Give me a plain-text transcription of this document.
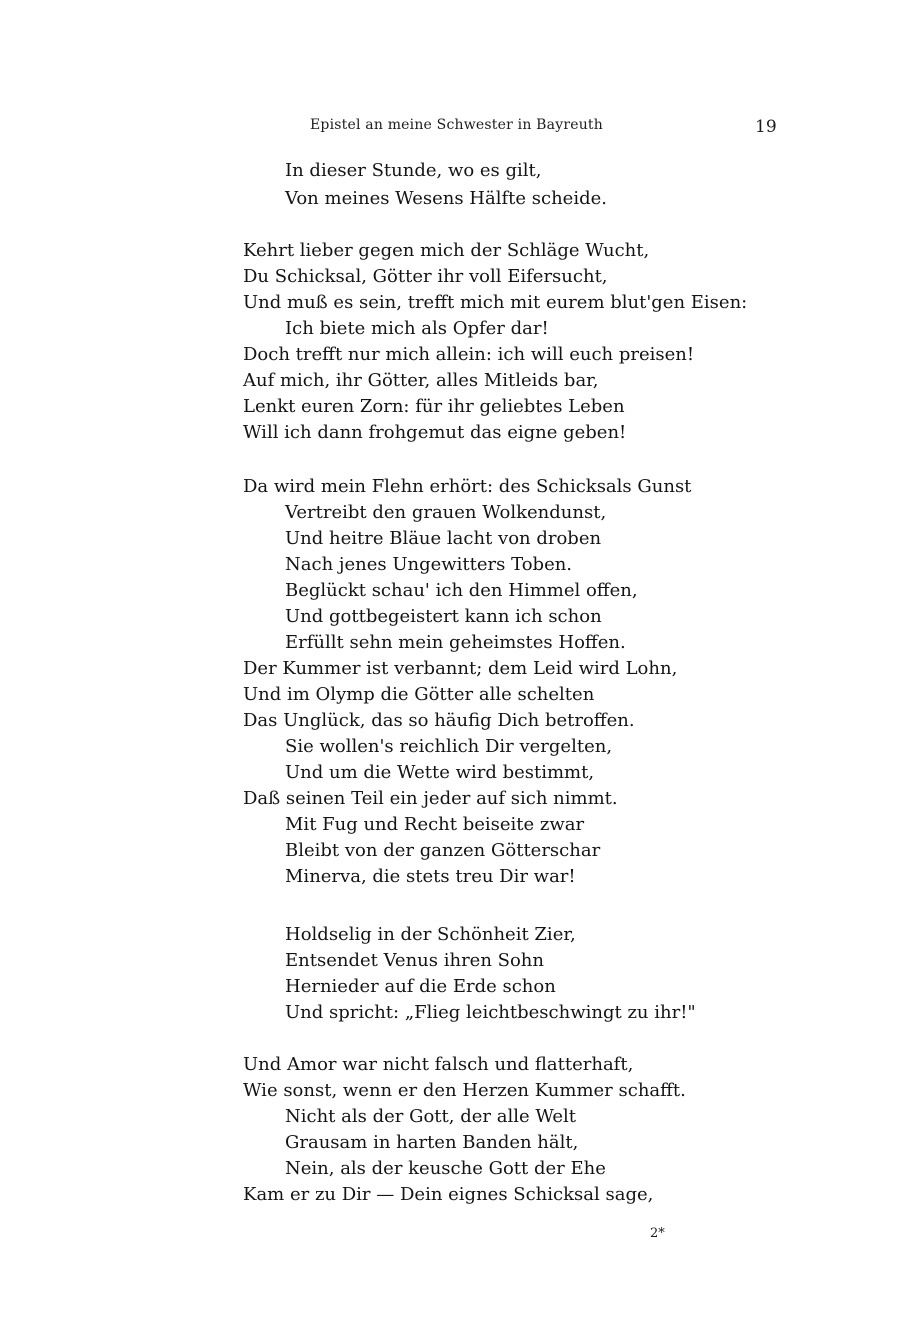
Epistel an meine Schwester in Bayreuth	19
In dieser Stunde, wo es gilt,
Von meines Wesens Hälfte scheide.
Kehrt lieber gegen mich der Schläge Wucht,
Du Schicksal, Götter ihr voll Eifersucht,
Und muß es sein, trefft mich mit eurem blut'gen Eisen:
Ich biete mich als Opfer dar!
Doch trefft nur mich allein: ich will euch preisen!
Auf mich, ihr Götter, alles Mitleids bar,
Lenkt euren Zorn: für ihr geliebtes Leben
Will ich dann frohgemut das eigne geben!
Da wird mein Flehn erhört: des Schicksals Gunst
Vertreibt den grauen Wolkendunst,
Und heitre Bläue lacht von droben
Nach jenes Ungewitters Toben.
Beglückt schau' ich den Himmel offen,
Und gottbegeistert kann ich schon
Erfüllt sehn mein geheimstes Hoffen.
Der Kummer ist verbannt; dem Leid wird Lohn,
Und im Olymp die Götter alle schelten
Das Unglück, das so häufig Dich betroffen.
Sie wollen's reichlich Dir vergelten,
Und um die Wette wird bestimmt,
Daß seinen Teil ein jeder auf sich nimmt.
Mit Fug und Recht beiseite zwar
Bleibt von der ganzen Götterschar
Minerva, die stets treu Dir war!
Holdselig in der Schönheit Zier,
Entsendet Venus ihren Sohn
Hernieder auf die Erde schon
Und spricht: „Flieg leichtbeschwingt zu ihr!"
Und Amor war nicht falsch und flatterhaft,
Wie sonst, wenn er den Herzen Kummer schafft.
Nicht als der Gott, der alle Welt
Grausam in harten Banden hält,
Nein, als der keusche Gott der Ehe
Kam er zu Dir — Dein eignes Schicksal sage,
2*
